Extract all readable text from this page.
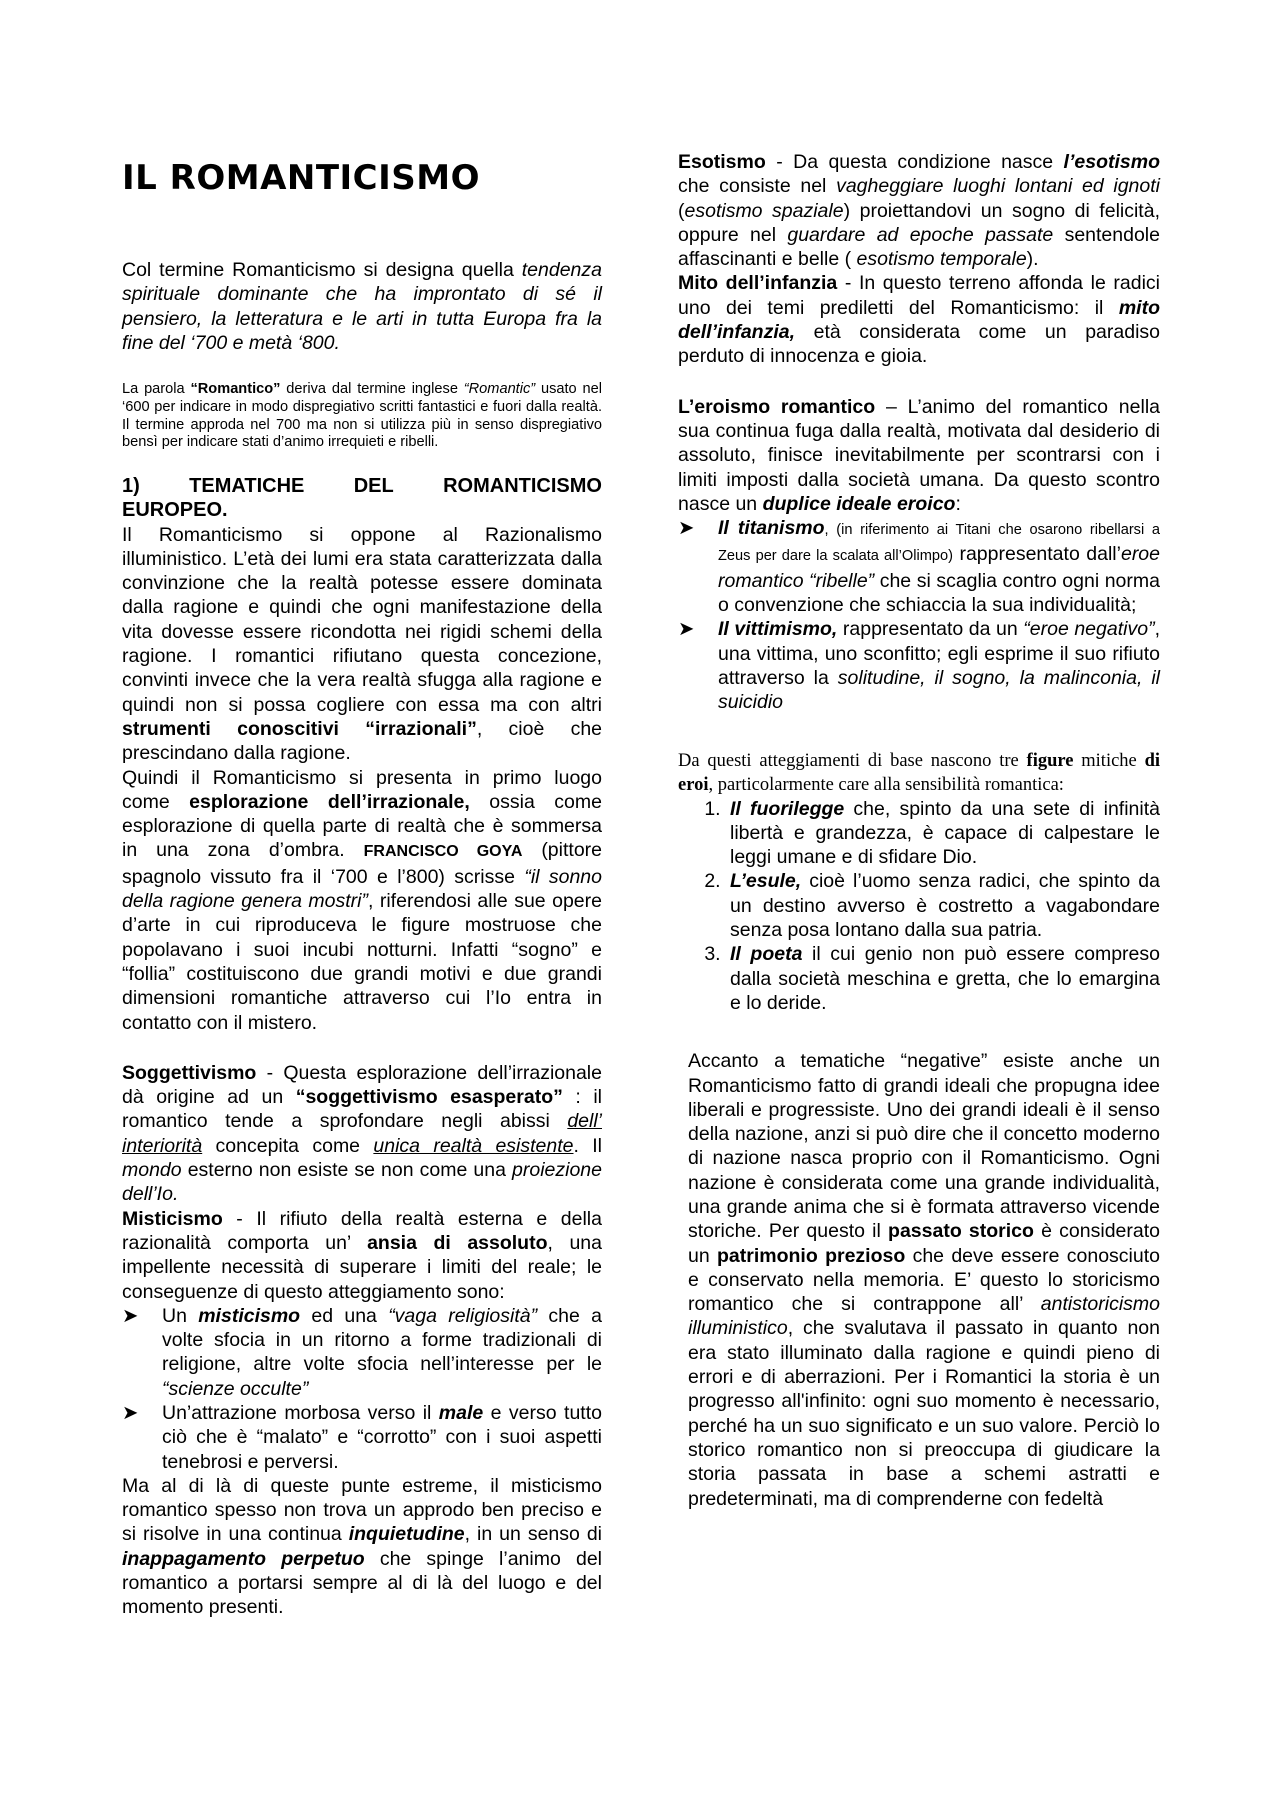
IL ROMANTICISMO

Col termine Romanticismo si designa quella tendenza spirituale dominante che ha improntato di sé il pensiero, la letteratura e le arti in tutta Europa fra la fine del ‘700 e metà ‘800.

La parola “Romantico” deriva dal termine inglese “Romantic” usato nel ‘600 per indicare in modo dispregiativo scritti fantastici e fuori dalla realtà. Il termine approda nel 700 ma non si utilizza più in senso dispregiativo bensì per indicare stati d’animo irrequieti e ribelli.

1) TEMATICHE DEL ROMANTICISMO
EUROPEO.

Il Romanticismo si oppone al Razionalismo illuministico. L’età dei lumi era stata caratterizzata dalla convinzione che la realtà potesse essere dominata dalla ragione e quindi che ogni manifestazione della vita dovesse essere ricondotta nei rigidi schemi della ragione. I romantici rifiutano questa concezione, convinti invece che la vera realtà sfugga alla ragione e quindi non si possa cogliere con essa ma con altri strumenti conoscitivi “irrazionali”, cioè che prescindano dalla ragione.

Quindi il Romanticismo si presenta in primo luogo come esplorazione dell’irrazionale, ossia come esplorazione di quella parte di realtà che è sommersa in una zona d’ombra. FRANCISCO GOYA (pittore spagnolo vissuto fra il ‘700 e l’800) scrisse “il sonno della ragione genera mostri”, riferendosi alle sue opere d’arte in cui riproduceva le figure mostruose che popolavano i suoi incubi notturni. Infatti “sogno” e “follia” costituiscono due grandi motivi e due grandi dimensioni romantiche attraverso cui l’Io entra in contatto con il mistero.

Soggettivismo - Questa esplorazione dell’irrazionale dà origine ad un “soggettivismo esasperato” : il romantico tende a sprofondare negli abissi dell’ interiorità concepita come unica realtà esistente. Il mondo esterno non esiste se non come una proiezione dell’Io.

Misticismo - Il rifiuto della realtà esterna e della razionalità comporta un’ ansia di assoluto, una impellente necessità di superare i limiti del reale; le conseguenze di questo atteggiamento sono:

➤ Un misticismo ed una “vaga religiosità” che a volte sfocia in un ritorno a forme tradizionali di religione, altre volte sfocia nell’interesse per le “scienze occulte”
➤ Un’attrazione morbosa verso il male e verso tutto ciò che è “malato” e “corrotto” con i suoi aspetti tenebrosi e perversi.

Ma al di là di queste punte estreme, il misticismo romantico spesso non trova un approdo ben preciso e si risolve in una continua inquietudine, in un senso di inappagamento perpetuo che spinge l’animo del romantico a portarsi sempre al di là del luogo e del momento presenti.

Esotismo - Da questa condizione nasce l’esotismo che consiste nel vagheggiare luoghi lontani ed ignoti (esotismo spaziale) proiettandovi un sogno di felicità, oppure nel guardare ad epoche passate sentendole affascinanti e belle ( esotismo temporale).

Mito dell’infanzia - In questo terreno affonda le radici uno dei temi prediletti del Romanticismo: il mito dell’infanzia, età considerata come un paradiso perduto di innocenza e gioia.

L’eroismo romantico – L’animo del romantico nella sua continua fuga dalla realtà, motivata dal desiderio di assoluto, finisce inevitabilmente per scontrarsi con i limiti imposti dalla società umana. Da questo scontro nasce un duplice ideale eroico:

➤ Il titanismo, (in riferimento ai Titani che osarono ribellarsi a Zeus per dare la scalata all’Olimpo) rappresentato dall’eroe romantico “ribelle” che si scaglia contro ogni norma o convenzione che schiaccia la sua individualità;
➤ Il vittimismo, rappresentato da un “eroe negativo”, una vittima, uno sconfitto; egli esprime il suo rifiuto attraverso la solitudine, il sogno, la malinconia, il suicidio

Da questi atteggiamenti di base nascono tre figure mitiche di eroi, particolarmente care alla sensibilità romantica:

1. Il fuorilegge che, spinto da una sete di infinità libertà e grandezza, è capace di calpestare le leggi umane e di sfidare Dio.
2. L’esule, cioè l’uomo senza radici, che spinto da un destino avverso è costretto a vagabondare senza posa lontano dalla sua patria.
3. Il poeta il cui genio non può essere compreso dalla società meschina e gretta, che lo emargina e lo deride.

Accanto a tematiche “negative” esiste anche un Romanticismo fatto di grandi ideali che propugna idee liberali e progressiste. Uno dei grandi ideali è il senso della nazione, anzi si può dire che il concetto moderno di nazione nasca proprio con il Romanticismo. Ogni nazione è considerata come una grande individualità, una grande anima che si è formata attraverso vicende storiche. Per questo il passato storico è considerato un patrimonio prezioso che deve essere conosciuto e conservato nella memoria. E’ questo lo storicismo romantico che si contrappone all’ antistoricismo illuministico, che svalutava il passato in quanto non era stato illuminato dalla ragione e quindi pieno di errori e di aberrazioni. Per i Romantici la storia è un progresso all'infinito: ogni suo momento è necessario, perché ha un suo significato e un suo valore. Perciò lo storico romantico non si preoccupa di giudicare la storia passata in base a schemi astratti e predeterminati, ma di comprenderne con fedeltà
